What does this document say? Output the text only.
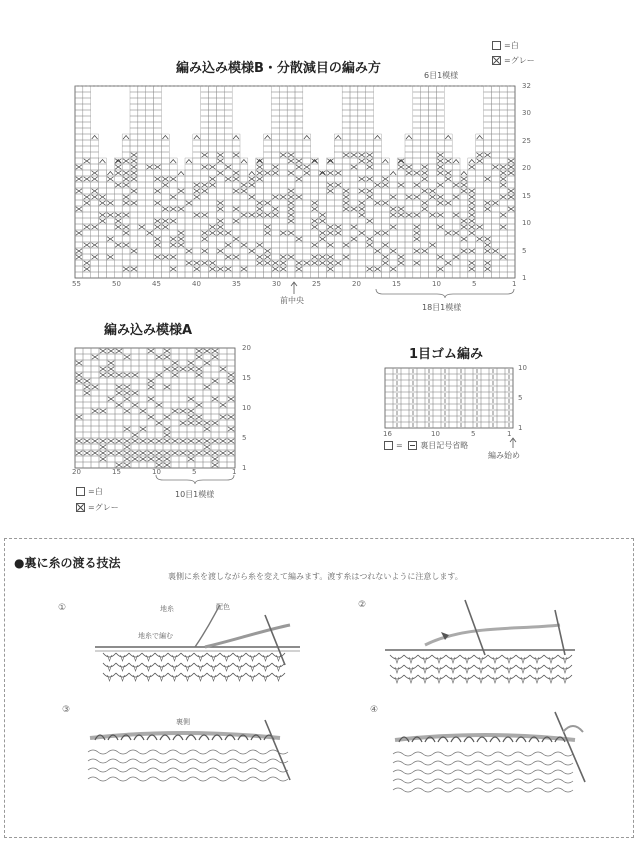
=白
=グレー
編み込み模様B・分散減目の編み方	6目1模様
55	50	45	40	35	30	25	20	15	10	5	1
32
30
25
20
15
10
5
1
前中央
18目1模様
編み込み模様A
20	15	10	5	1
20
15
10
5
1
10目1模様
=白
=グレー
1目ゴム編み
16	10	5	1
10
5
1
= 裏目記号省略
編み始め
●裏に糸の渡る技法
裏側に糸を渡しながら糸を変えて編みます。渡す糸はつれないように注意します。
①	②
③	④
地糸	配色
地糸で編む
裏側
